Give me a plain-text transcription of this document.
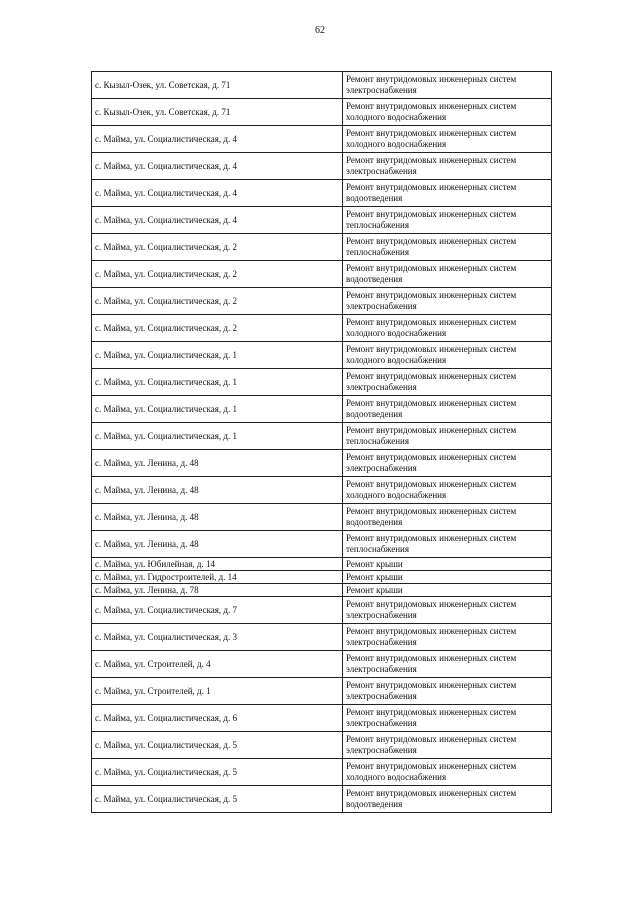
62
с. Кызыл-Озек, ул. Советская, д. 71	Ремонт внутридомовых инженерных систем электроснабжения
с. Кызыл-Озек, ул. Советская, д. 71	Ремонт внутридомовых инженерных систем холодного водоснабжения
с. Майма, ул. Социалистическая, д. 4	Ремонт внутридомовых инженерных систем холодного водоснабжения
с. Майма, ул. Социалистическая, д. 4	Ремонт внутридомовых инженерных систем электроснабжения
с. Майма, ул. Социалистическая, д. 4	Ремонт внутридомовых инженерных систем водоотведения
с. Майма, ул. Социалистическая, д. 4	Ремонт внутридомовых инженерных систем теплоснабжения
с. Майма, ул. Социалистическая, д. 2	Ремонт внутридомовых инженерных систем теплоснабжения
с. Майма, ул. Социалистическая, д. 2	Ремонт внутридомовых инженерных систем водоотведения
с. Майма, ул. Социалистическая, д. 2	Ремонт внутридомовых инженерных систем электроснабжения
с. Майма, ул. Социалистическая, д. 2	Ремонт внутридомовых инженерных систем холодного водоснабжения
с. Майма, ул. Социалистическая, д. 1	Ремонт внутридомовых инженерных систем холодного водоснабжения
с. Майма, ул. Социалистическая, д. 1	Ремонт внутридомовых инженерных систем электроснабжения
с. Майма, ул. Социалистическая, д. 1	Ремонт внутридомовых инженерных систем водоотведения
с. Майма, ул. Социалистическая, д. 1	Ремонт внутридомовых инженерных систем теплоснабжения
с. Майма, ул. Ленина, д. 48	Ремонт внутридомовых инженерных систем электроснабжения
с. Майма, ул. Ленина, д. 48	Ремонт внутридомовых инженерных систем холодного водоснабжения
с. Майма, ул. Ленина, д. 48	Ремонт внутридомовых инженерных систем водоотведения
с. Майма, ул. Ленина, д. 48	Ремонт внутридомовых инженерных систем теплоснабжения
с. Майма, ул. Юбилейная, д. 14	Ремонт крыши
с. Майма, ул. Гидростроителей, д. 14	Ремонт крыши
с. Майма, ул. Ленина, д. 78	Ремонт крыши
с. Майма, ул. Социалистическая, д. 7	Ремонт внутридомовых инженерных систем электроснабжения
с. Майма, ул. Социалистическая, д. 3	Ремонт внутридомовых инженерных систем электроснабжения
с. Майма, ул. Строителей, д. 4	Ремонт внутридомовых инженерных систем электроснабжения
с. Майма, ул. Строителей, д. 1	Ремонт внутридомовых инженерных систем электроснабжения
с. Майма, ул. Социалистическая, д. 6	Ремонт внутридомовых инженерных систем электроснабжения
с. Майма, ул. Социалистическая, д. 5	Ремонт внутридомовых инженерных систем электроснабжения
с. Майма, ул. Социалистическая, д. 5	Ремонт внутридомовых инженерных систем холодного водоснабжения
с. Майма, ул. Социалистическая, д. 5	Ремонт внутридомовых инженерных систем водоотведения
